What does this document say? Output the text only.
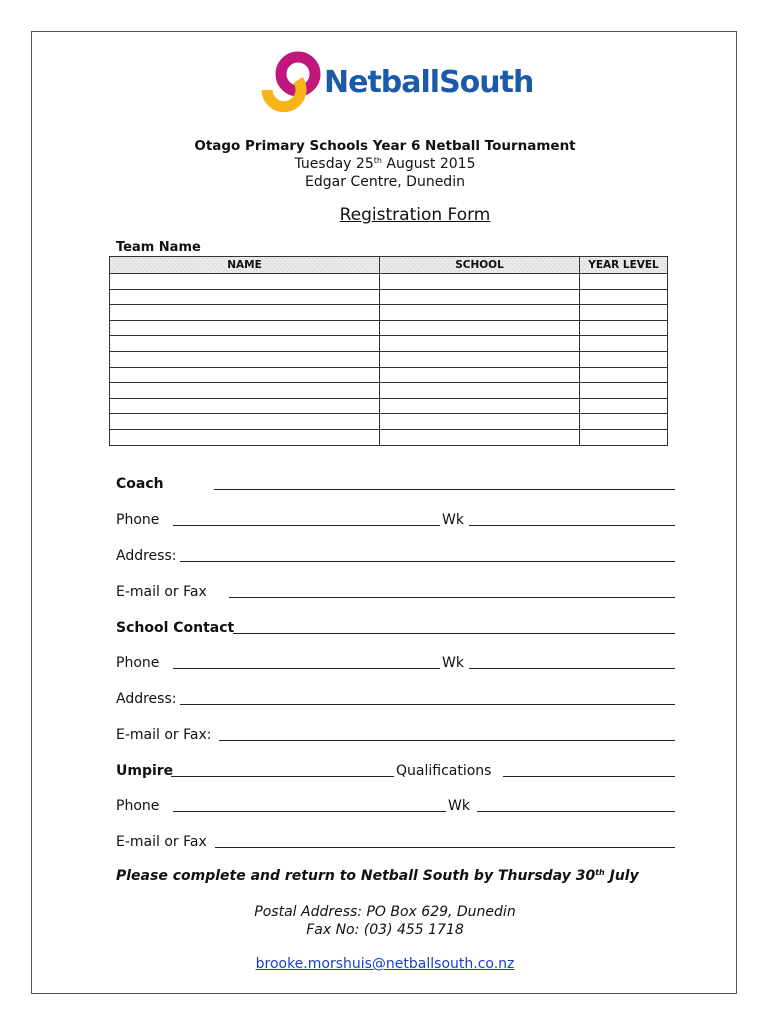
NetballSouth
Otago Primary Schools Year 6 Netball Tournament
Tuesday 25th August 2015
Edgar Centre, Dunedin
Registration Form
Team Name
NAME	SCHOOL	YEAR LEVEL

Coach
Phone	Wk
Address:
E-mail or Fax
School Contact
Phone	Wk
Address:
E-mail or Fax:
Umpire	Qualifications
Phone	Wk
E-mail or Fax
Please complete and return to Netball South by Thursday 30th July
Postal Address: PO Box 629, Dunedin
Fax No: (03) 455 1718
brooke.morshuis@netballsouth.co.nz
